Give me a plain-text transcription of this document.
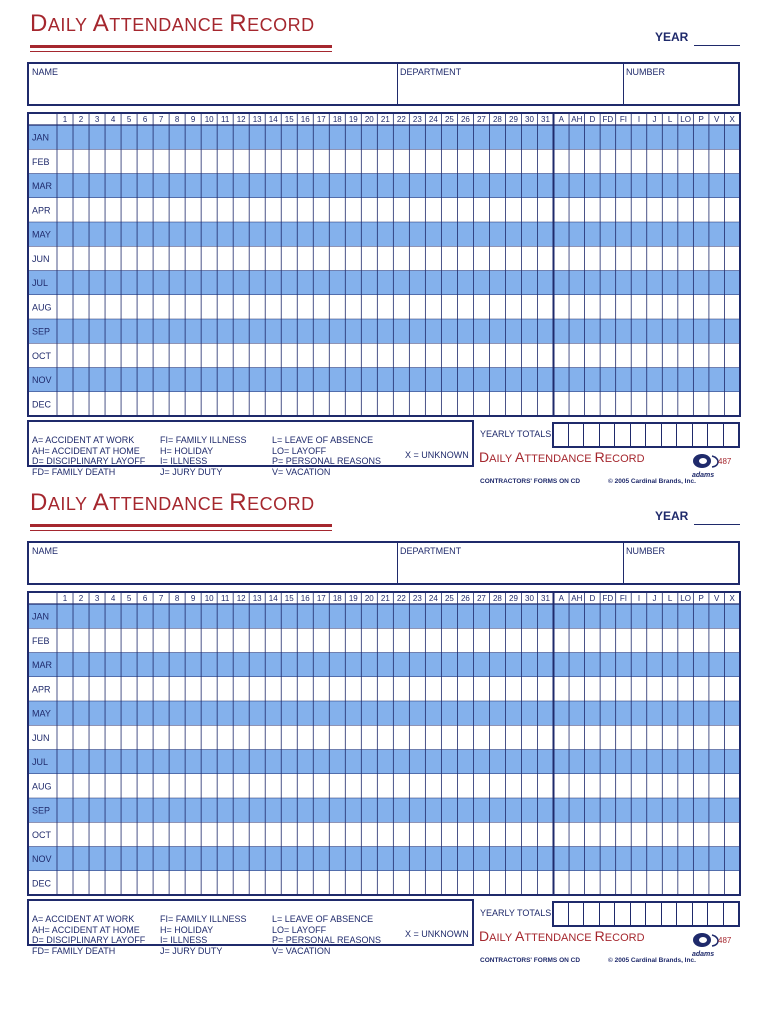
DAILY ATTENDANCE RECORD
YEAR
NAME	DEPARTMENT	NUMBER
1 2 3 4 5 6 7 8 9 10 11 12 13 14 15 16 17 18 19 20 21 22 23 24 25 26 27 28 29 30 31 A AH D FD FI I J L LO P V X
JAN
FEB
MAR
APR
MAY
JUN
JUL
AUG
SEP
OCT
NOV
DEC
A= ACCIDENT AT WORK
AH= ACCIDENT AT HOME
D= DISCIPLINARY LAYOFF
FD= FAMILY DEATH
FI= FAMILY ILLNESS
H= HOLIDAY
I= ILLNESS
J= JURY DUTY
L= LEAVE OF ABSENCE
LO= LAYOFF
P= PERSONAL REASONS
V= VACATION
X = UNKNOWN
YEARLY TOTALS
DAILY ATTENDANCE RECORD	487
adams
CONTRACTORS' FORMS ON CD	© 2005 Cardinal Brands, Inc.
DAILY ATTENDANCE RECORD
YEAR
NAME	DEPARTMENT	NUMBER
1 2 3 4 5 6 7 8 9 10 11 12 13 14 15 16 17 18 19 20 21 22 23 24 25 26 27 28 29 30 31 A AH D FD FI I J L LO P V X
JAN
FEB
MAR
APR
MAY
JUN
JUL
AUG
SEP
OCT
NOV
DEC
A= ACCIDENT AT WORK
AH= ACCIDENT AT HOME
D= DISCIPLINARY LAYOFF
FD= FAMILY DEATH
FI= FAMILY ILLNESS
H= HOLIDAY
I= ILLNESS
J= JURY DUTY
L= LEAVE OF ABSENCE
LO= LAYOFF
P= PERSONAL REASONS
V= VACATION
X = UNKNOWN
YEARLY TOTALS
DAILY ATTENDANCE RECORD	487
adams
CONTRACTORS' FORMS ON CD	© 2005 Cardinal Brands, Inc.
